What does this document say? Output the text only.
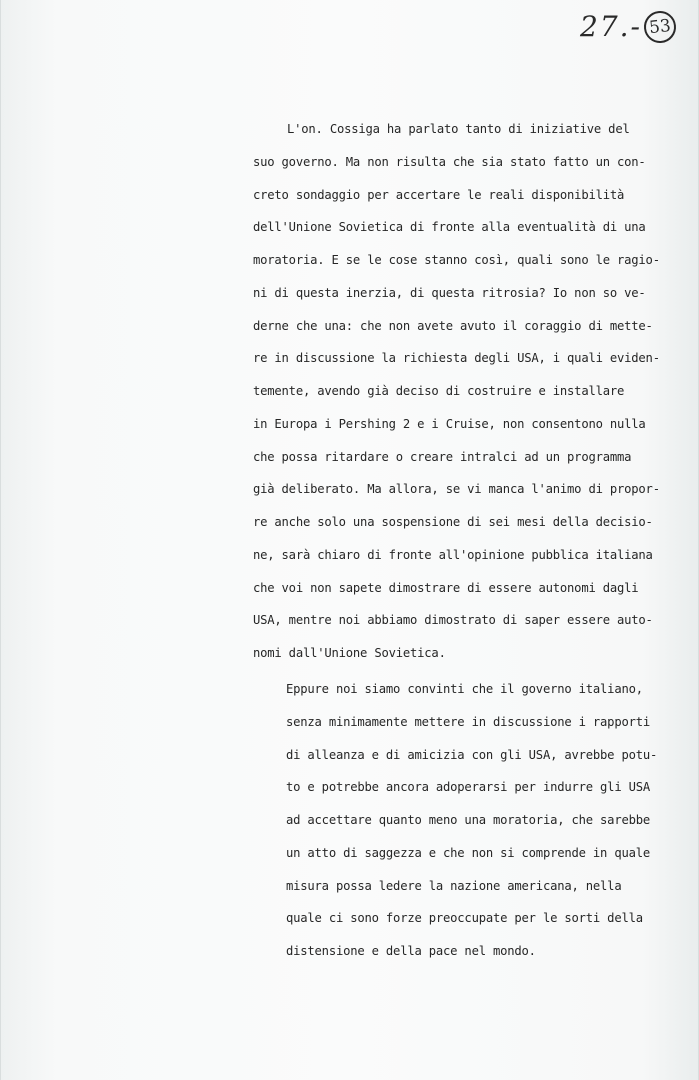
27.- 53
L'on. Cossiga ha parlato tanto di iniziative del
suo governo. Ma non risulta che sia stato fatto un con-
creto sondaggio per accertare le reali disponibilità
dell'Unione Sovietica di fronte alla eventualità di una
moratoria. E se le cose stanno così, quali sono le ragio-
ni di questa inerzia, di questa ritrosia? Io non so ve-
derne che una: che non avete avuto il coraggio di mette-
re in discussione la richiesta degli USA, i quali eviden-
temente, avendo già deciso di costruire e installare
in Europa i Pershing 2 e i Cruise, non consentono nulla
che possa ritardare o creare intralci ad un programma
già deliberato. Ma allora, se vi manca l'animo di propor-
re anche solo una sospensione di sei mesi della decisio-
ne, sarà chiaro di fronte all'opinione pubblica italiana
che voi non sapete dimostrare di essere autonomi dagli
USA, mentre noi abbiamo dimostrato di saper essere auto-
nomi dall'Unione Sovietica.
Eppure noi siamo convinti che il governo italiano,
senza minimamente mettere in discussione i rapporti
di alleanza e di amicizia con gli USA, avrebbe potu-
to e potrebbe ancora adoperarsi per indurre gli USA
ad accettare quanto meno una moratoria, che sarebbe
un atto di saggezza e che non si comprende in quale
misura possa ledere la nazione americana, nella
quale ci sono forze preoccupate per le sorti della
distensione e della pace nel mondo.
